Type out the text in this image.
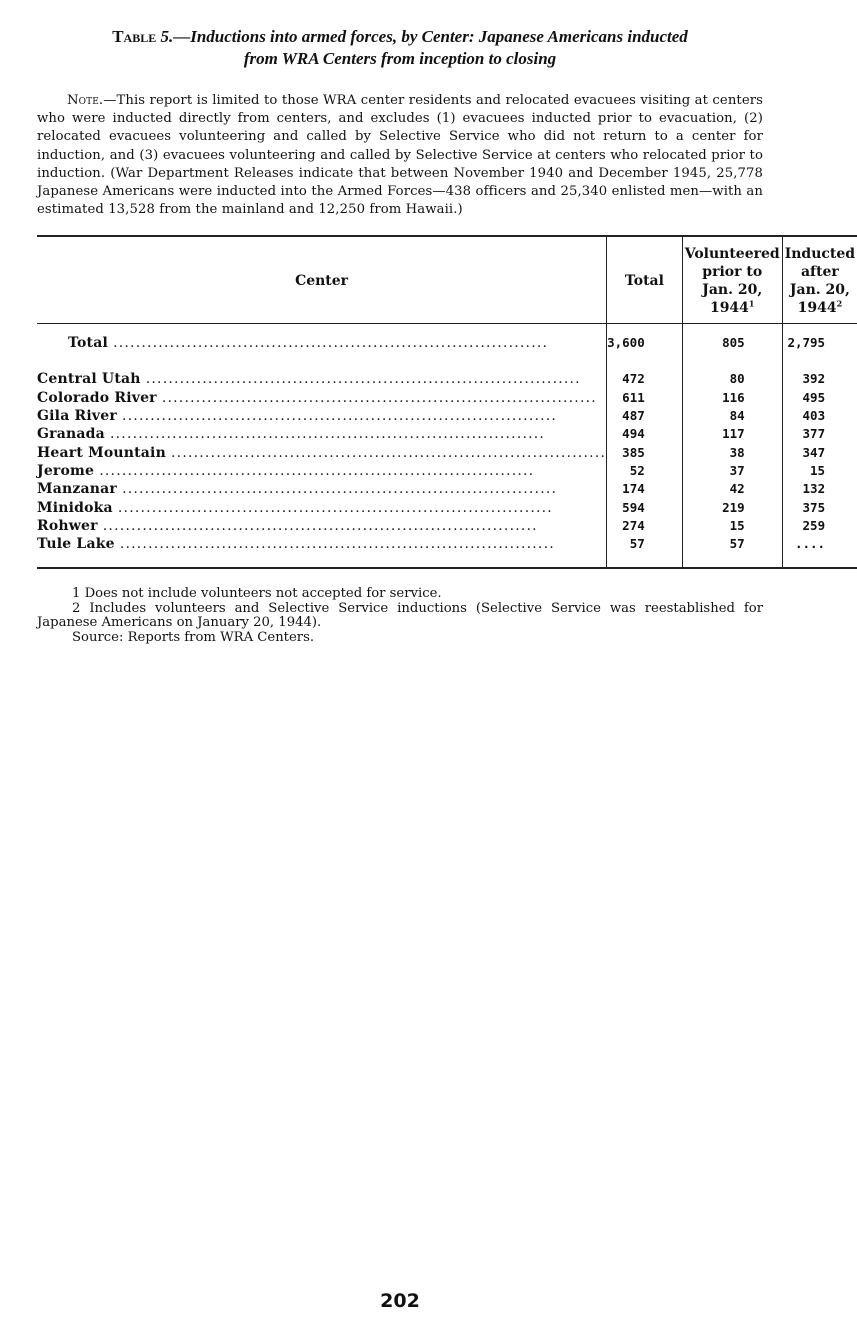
Table 5.—Inductions into armed forces, by Center: Japanese Americans inducted
from WRA Centers from inception to closing

Note.—This report is limited to those WRA center residents and relocated evacuees visiting at centers who were inducted directly from centers, and excludes (1) evacuees inducted prior to evacuation, (2) relocated evacuees volunteering and called by Selective Service who did not return to a center for induction, and (3) evacuees volunteering and called by Selective Service at centers who relocated prior to induction. (War Department Releases indicate that between November 1940 and December 1945, 25,778 Japanese Americans were inducted into the Armed Forces—438 officers and 25,340 enlisted men—with an estimated 13,528 from the mainland and 12,250 from Hawaii.)

Center	Total	Volunteered
prior to
Jan. 20, 1944$^1$	Inducted
after
Jan. 20, 1944$^2$
Total .............................................................................	3,600	805	2,795

Central Utah .............................................................................	472	80	392
Colorado River .............................................................................	611	116	495
Gila River .............................................................................	487	84	403
Granada .............................................................................	494	117	377
Heart Mountain .............................................................................	385	38	347
Jerome .............................................................................	52	37	15
Manzanar .............................................................................	174	42	132
Minidoka .............................................................................	594	219	375
Rohwer .............................................................................	274	15	259
Tule Lake .............................................................................	57	57	....

1 Does not include volunteers not accepted for service.

2 Includes volunteers and Selective Service inductions (Selective Service was reestablished for Japanese Americans on January 20, 1944).

Source: Reports from WRA Centers.

202
